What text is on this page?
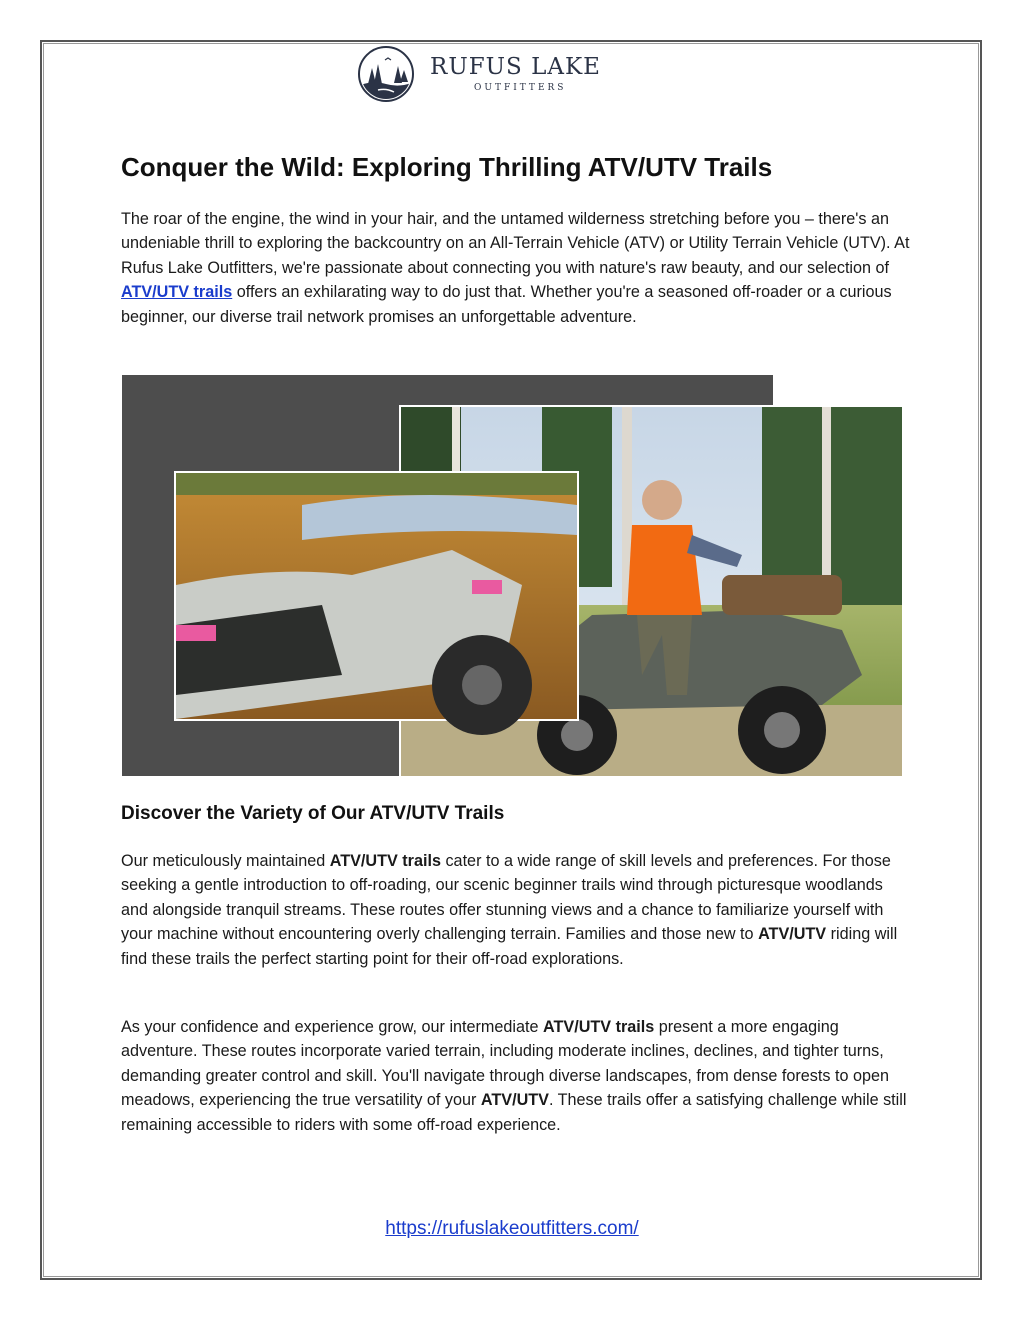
RUFUS LAKE
OUTFITTERS
Conquer the Wild: Exploring Thrilling ATV/UTV Trails

The roar of the engine, the wind in your hair, and the untamed wilderness stretching before you – there's an undeniable thrill to exploring the backcountry on an All-Terrain Vehicle (ATV) or Utility Terrain Vehicle (UTV). At Rufus Lake Outfitters, we're passionate about connecting you with nature's raw beauty, and our selection of ATV/UTV trails offers an exhilarating way to do just that. Whether you're a seasoned off-roader or a curious beginner, our diverse trail network promises an unforgettable adventure.

Discover the Variety of Our ATV/UTV Trails

Our meticulously maintained ATV/UTV trails cater to a wide range of skill levels and preferences. For those seeking a gentle introduction to off-roading, our scenic beginner trails wind through picturesque woodlands and alongside tranquil streams. These routes offer stunning views and a chance to familiarize yourself with your machine without encountering overly challenging terrain. Families and those new to ATV/UTV riding will find these trails the perfect starting point for their off-road explorations.

As your confidence and experience grow, our intermediate ATV/UTV trails present a more engaging adventure. These routes incorporate varied terrain, including moderate inclines, declines, and tighter turns, demanding greater control and skill. You'll navigate through diverse landscapes, from dense forests to open meadows, experiencing the true versatility of your ATV/UTV. These trails offer a satisfying challenge while still remaining accessible to riders with some off-road experience.

https://rufuslakeoutfitters.com/
